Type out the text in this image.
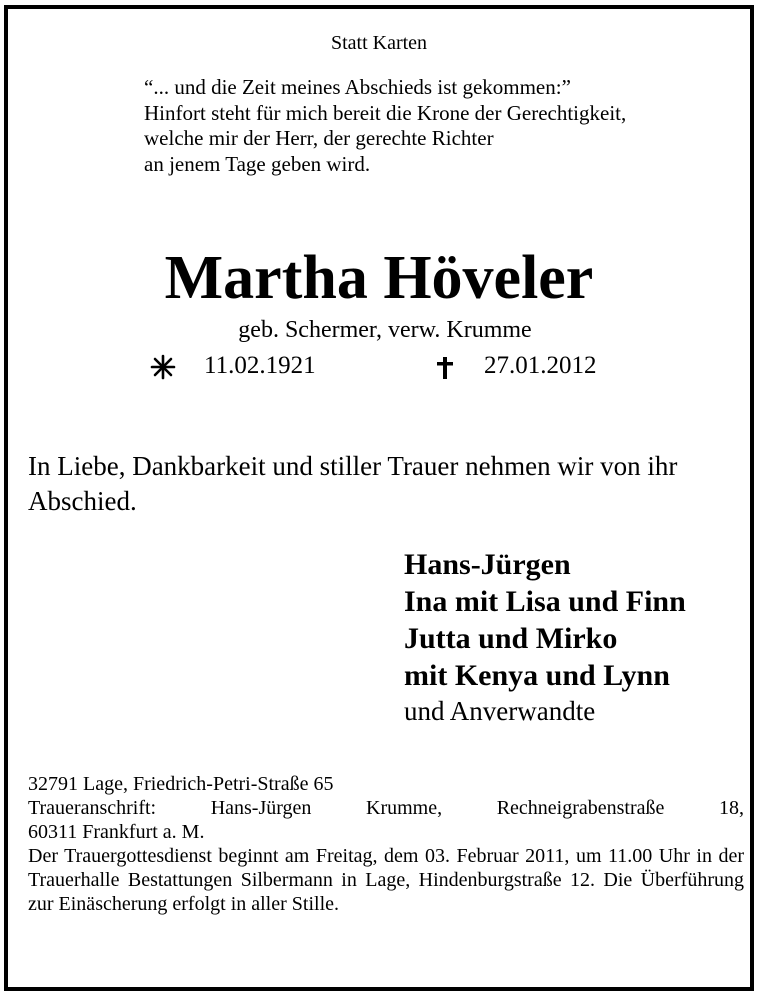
Statt Karten
“... und die Zeit meines Abschieds ist gekommen:”
Hinfort steht für mich bereit die Krone der Gerechtigkeit,
welche mir der Herr, der gerechte Richter
an jenem Tage geben wird.
Martha Höveler
geb. Schermer, verw. Krumme
11.02.1921	27.01.2012
In Liebe, Dankbarkeit und stiller Trauer nehmen wir von ihr Abschied.
Hans-Jürgen
Ina mit Lisa und Finn
Jutta und Mirko
mit Kenya und Lynn
und Anverwandte
32791 Lage, Friedrich-Petri-Straße 65
Traueranschrift: Hans-Jürgen Krumme, Rechneigrabenstraße 18,
60311 Frankfurt a. M.
Der Trauergottesdienst beginnt am Freitag, dem 03. Februar 2011, um 11.00 Uhr in der Trauerhalle Bestattungen Silbermann in Lage, Hindenburgstraße 12. Die Überführung zur Einäscherung erfolgt in aller Stille.
